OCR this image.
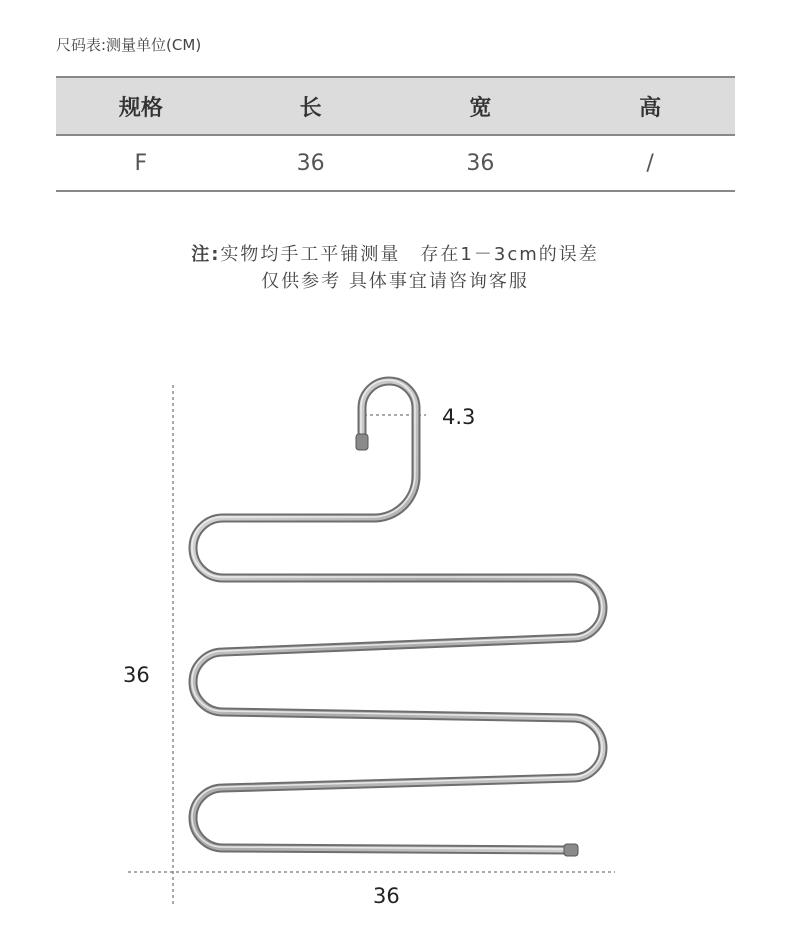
尺码表:测量单位(CM)
规格	长	宽	高
F	36	36	/
注:实物均手工平铺测量　存在1－3cm的误差
仅供参考 具体事宜请咨询客服
4.3
36
36
